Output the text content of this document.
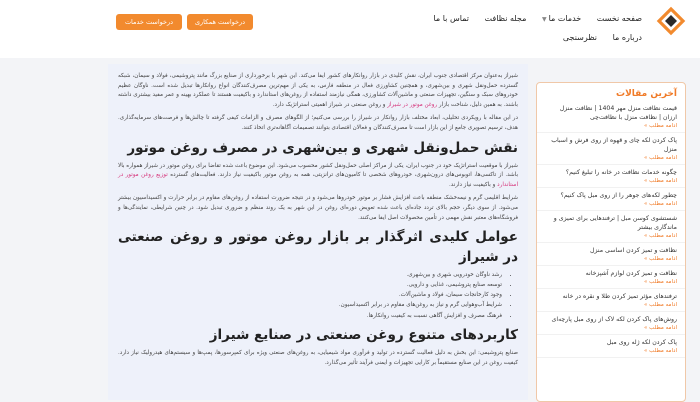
صفحه نخست خدمات ما▼ مجله نظافت تماس با ما درباره ما نظرسنجی
درخواست همکاری
درخواست خدمات

شیراز به‌عنوان مرکز اقتصادی جنوب ایران، نقش کلیدی در بازار روانکارهای کشور ایفا می‌کند. این شهر با برخورداری از صنایع بزرگ مانند پتروشیمی، فولاد و سیمان، شبکه گسترده حمل‌ونقل شهری و بین‌شهری، و همچنین کشاورزی فعال در منطقه فارس، به یکی از مهم‌ترین مصرف‌کنندگان انواع روانکارها تبدیل شده است. ناوگان عظیم خودروهای سبک و سنگین، تجهیزات صنعتی و ماشین‌آلات کشاورزی، همگی نیازمند استفاده از روغن‌های استاندارد و باکیفیت هستند تا عملکرد بهینه و عمر مفید بیشتری داشته باشند. به همین دلیل، شناخت بازار روغن موتور در شیراز و روغن صنعتی در شیراز اهمیتی استراتژیک دارد.

در این مقاله با رویکردی تحلیلی، ابعاد مختلف بازار روانکار در شیراز را بررسی می‌کنیم؛ از الگوهای مصرف و الزامات کیفی گرفته تا چالش‌ها و فرصت‌های سرمایه‌گذاری. هدف، ترسیم تصویری جامع از این بازار است تا مصرف‌کنندگان و فعالان اقتصادی بتوانند تصمیمات آگاهانه‌تری اتخاذ کنند.

نقش حمل‌ونقل شهری و بین‌شهری در مصرف روغن موتور

شیراز با موقعیت استراتژیک خود در جنوب ایران، یکی از مراکز اصلی حمل‌ونقل کشور محسوب می‌شود. این موضوع باعث شده تقاضا برای روغن موتور در شیراز همواره بالا باشد. از تاکسی‌ها، اتوبوس‌های درون‌شهری، خودروهای شخصی تا کامیون‌های ترانزیتی، همه به روغن موتور باکیفیت نیاز دارند. فعالیت‌های گسترده توزیع روغن موتور در استاندارد و باکیفیت نیاز دارند.

شرایط اقلیمی گرم و نیمه‌خشک منطقه باعث افزایش فشار بر موتور خودروها می‌شود و در نتیجه ضرورت استفاده از روغن‌های مقاوم در برابر حرارت و اکسیداسیون بیشتر می‌شود. از سوی دیگر، حجم بالای تردد جاده‌ای باعث شده تعویض دوره‌ای روغن در این شهر به یک روند منظم و ضروری تبدیل شود. در چنین شرایطی، نمایندگی‌ها و فروشگاه‌های معتبر نقش مهمی در تأمین محصولات اصل ایفا می‌کنند.

عوامل کلیدی اثرگذار بر بازار روغن موتور و روغن صنعتی در شیراز
• رشد ناوگان خودرویی شهری و بین‌شهری.
• توسعه صنایع پتروشیمی، غذایی و دارویی.
• وجود کارخانجات سیمان، فولاد و ماشین‌آلات.
• شرایط آب‌وهوایی گرم و نیاز به روغن‌های مقاوم در برابر اکسیداسیون.
• فرهنگ مصرف و افزایش آگاهی نسبت به کیفیت روانکارها.
کاربردهای متنوع روغن صنعتی در صنایع شیراز

صنایع پتروشیمی: این بخش به دلیل فعالیت گسترده در تولید و فرآوری مواد شیمیایی، به روغن‌های صنعتی ویژه برای کمپرسورها، پمپ‌ها و سیستم‌های هیدرولیک نیاز دارد. کیفیت روغن در این صنایع مستقیماً بر کارایی تجهیزات و ایمنی فرآیند تأثیر می‌گذارد.

آخرین مقالات
قیمت نظافت منزل مهر 1404 | نظافت منزل ارزان | نظافت منزل با نظافت‌چی
ادامه مطلب »
پاک کردن لکه چای و قهوه از روی فرش و اسباب منزل
ادامه مطلب »
چگونه خدمات نظافت در خانه را تبلیغ کنیم؟
ادامه مطلب »
چطور لکه‌های جوهر را از روی مبل پاک کنیم؟
ادامه مطلب »
شستشوی کوسن مبل | ترفندهایی برای تمیزی و ماندگاری بیشتر
ادامه مطلب »
نظافت و تمیز کردن اساسی منزل
ادامه مطلب »
نظافت و تمیز کردن لوازم آشپزخانه
ادامه مطلب »
ترفندهای مؤثر تمیز کردن طلا و نقره در خانه
ادامه مطلب »
روش‌های پاک کردن لکه لاک از روی مبل پارچه‌ای
ادامه مطلب »
پاک کردن لکه ژله روی مبل
ادامه مطلب »
